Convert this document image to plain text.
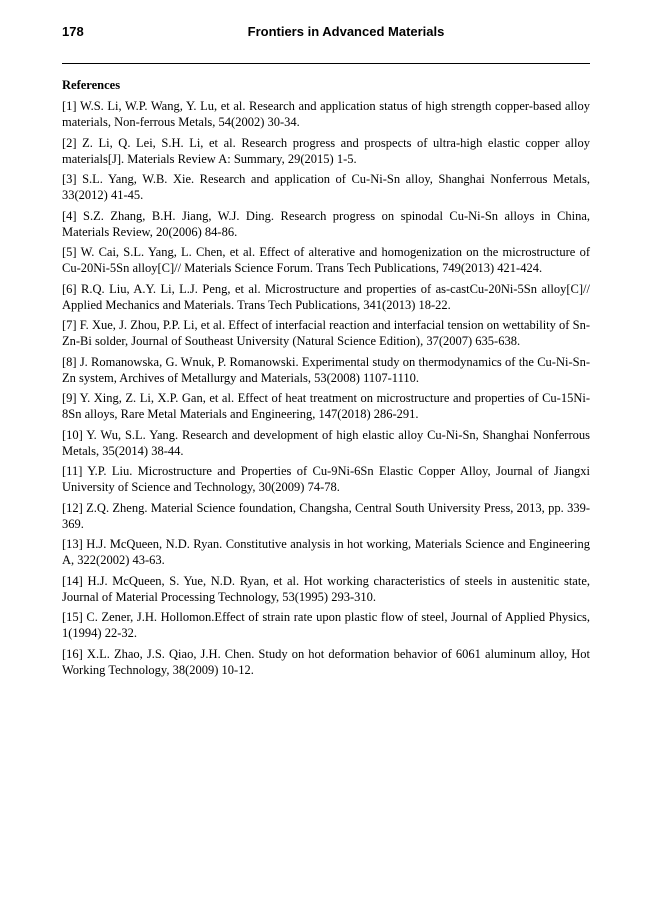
178	Frontiers in Advanced Materials
References
[1] W.S. Li, W.P. Wang, Y. Lu, et al. Research and application status of high strength copper-based alloy materials, Non-ferrous Metals, 54(2002) 30-34.
[2] Z. Li, Q. Lei, S.H. Li, et al. Research progress and prospects of ultra-high elastic copper alloy materials[J]. Materials Review A: Summary, 29(2015) 1-5.
[3] S.L. Yang, W.B. Xie. Research and application of Cu-Ni-Sn alloy, Shanghai Nonferrous Metals, 33(2012) 41-45.
[4] S.Z. Zhang, B.H. Jiang, W.J. Ding. Research progress on spinodal Cu-Ni-Sn alloys in China, Materials Review, 20(2006) 84-86.
[5] W. Cai, S.L. Yang, L. Chen, et al. Effect of alterative and homogenization on the microstructure of Cu-20Ni-5Sn alloy[C]// Materials Science Forum. Trans Tech Publications, 749(2013) 421-424.
[6] R.Q. Liu, A.Y. Li, L.J. Peng, et al. Microstructure and properties of as-castCu-20Ni-5Sn alloy[C]// Applied Mechanics and Materials. Trans Tech Publications, 341(2013) 18-22.
[7] F. Xue, J. Zhou, P.P. Li, et al. Effect of interfacial reaction and interfacial tension on wettability of Sn-Zn-Bi solder, Journal of Southeast University (Natural Science Edition), 37(2007) 635-638.
[8] J. Romanowska, G. Wnuk, P. Romanowski. Experimental study on thermodynamics of the Cu-Ni-Sn-Zn system, Archives of Metallurgy and Materials, 53(2008) 1107-1110.
[9] Y. Xing, Z. Li, X.P. Gan, et al. Effect of heat treatment on microstructure and properties of Cu-15Ni-8Sn alloys, Rare Metal Materials and Engineering, 147(2018) 286-291.
[10] Y. Wu, S.L. Yang. Research and development of high elastic alloy Cu-Ni-Sn, Shanghai Nonferrous Metals, 35(2014) 38-44.
[11] Y.P. Liu. Microstructure and Properties of Cu-9Ni-6Sn Elastic Copper Alloy, Journal of Jiangxi University of Science and Technology, 30(2009) 74-78.
[12] Z.Q. Zheng. Material Science foundation, Changsha, Central South University Press, 2013, pp. 339-369.
[13] H.J. McQueen, N.D. Ryan. Constitutive analysis in hot working, Materials Science and Engineering A, 322(2002) 43-63.
[14] H.J. McQueen, S. Yue, N.D. Ryan, et al. Hot working characteristics of steels in austenitic state, Journal of Material Processing Technology, 53(1995) 293-310.
[15] C. Zener, J.H. Hollomon.Effect of strain rate upon plastic flow of steel, Journal of Applied Physics, 1(1994) 22-32.
[16] X.L. Zhao, J.S. Qiao, J.H. Chen. Study on hot deformation behavior of 6061 aluminum alloy, Hot Working Technology, 38(2009) 10-12.
